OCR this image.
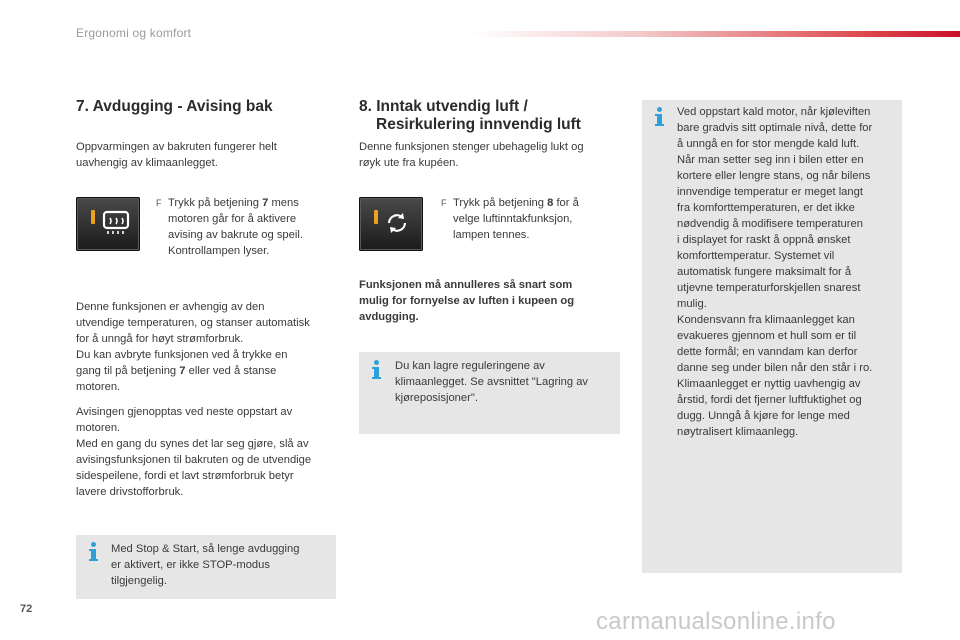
Ergonomi og komfort
7. Avdugging - Avising bak

Oppvarmingen av bakruten fungerer helt
uavhengig av klimaanlegget.

F Trykk på betjening 7 mens
motoren går for å aktivere
avising av bakrute og speil.
Kontrollampen lyser.

Denne funksjonen er avhengig av den
utvendige temperaturen, og stanser automatisk
for å unngå for høyt strømforbruk.
Du kan avbryte funksjonen ved å trykke en
gang til på betjening 7 eller ved å stanse
motoren.

Avisingen gjenopptas ved neste oppstart av
motoren.
Med en gang du synes det lar seg gjøre, slå av
avisingsfunksjonen til bakruten og de utvendige
sidespeilene, fordi et lavt strømforbruk betyr
lavere drivstofforbruk.

Med Stop & Start, så lenge avdugging
er aktivert, er ikke STOP-modus
tilgjengelig.

8. Inntak utvendig luft /
Resirkulering innvendig luft

Denne funksjonen stenger ubehagelig lukt og
røyk ute fra kupéen.

F Trykk på betjening 8 for å
velge luftinntakfunksjon,
lampen tennes.

Funksjonen må annulleres så snart som
mulig for fornyelse av luften i kupeen og
avdugging.

Du kan lagre reguleringene av
klimaanlegget. Se avsnittet "Lagring av
kjøreposisjoner".

Ved oppstart kald motor, når kjøleviften
bare gradvis sitt optimale nivå, dette for
å unngå en for stor mengde kald luft.
Når man setter seg inn i bilen etter en
kortere eller lengre stans, og når bilens
innvendige temperatur er meget langt
fra komforttemperaturen, er det ikke
nødvendig å modifisere temperaturen
i displayet for raskt å oppnå ønsket
komforttemperatur. Systemet vil
automatisk fungere maksimalt for å
utjevne temperaturforskjellen snarest
mulig.
Kondensvann fra klimaanlegget kan
evakueres gjennom et hull som er til
dette formål; en vanndam kan derfor
danne seg under bilen når den står i ro.
Klimaanlegget er nyttig uavhengig av
årstid, fordi det fjerner luftfuktighet og
dugg. Unngå å kjøre for lenge med
nøytralisert klimaanlegg.

72	carmanualsonline.info
